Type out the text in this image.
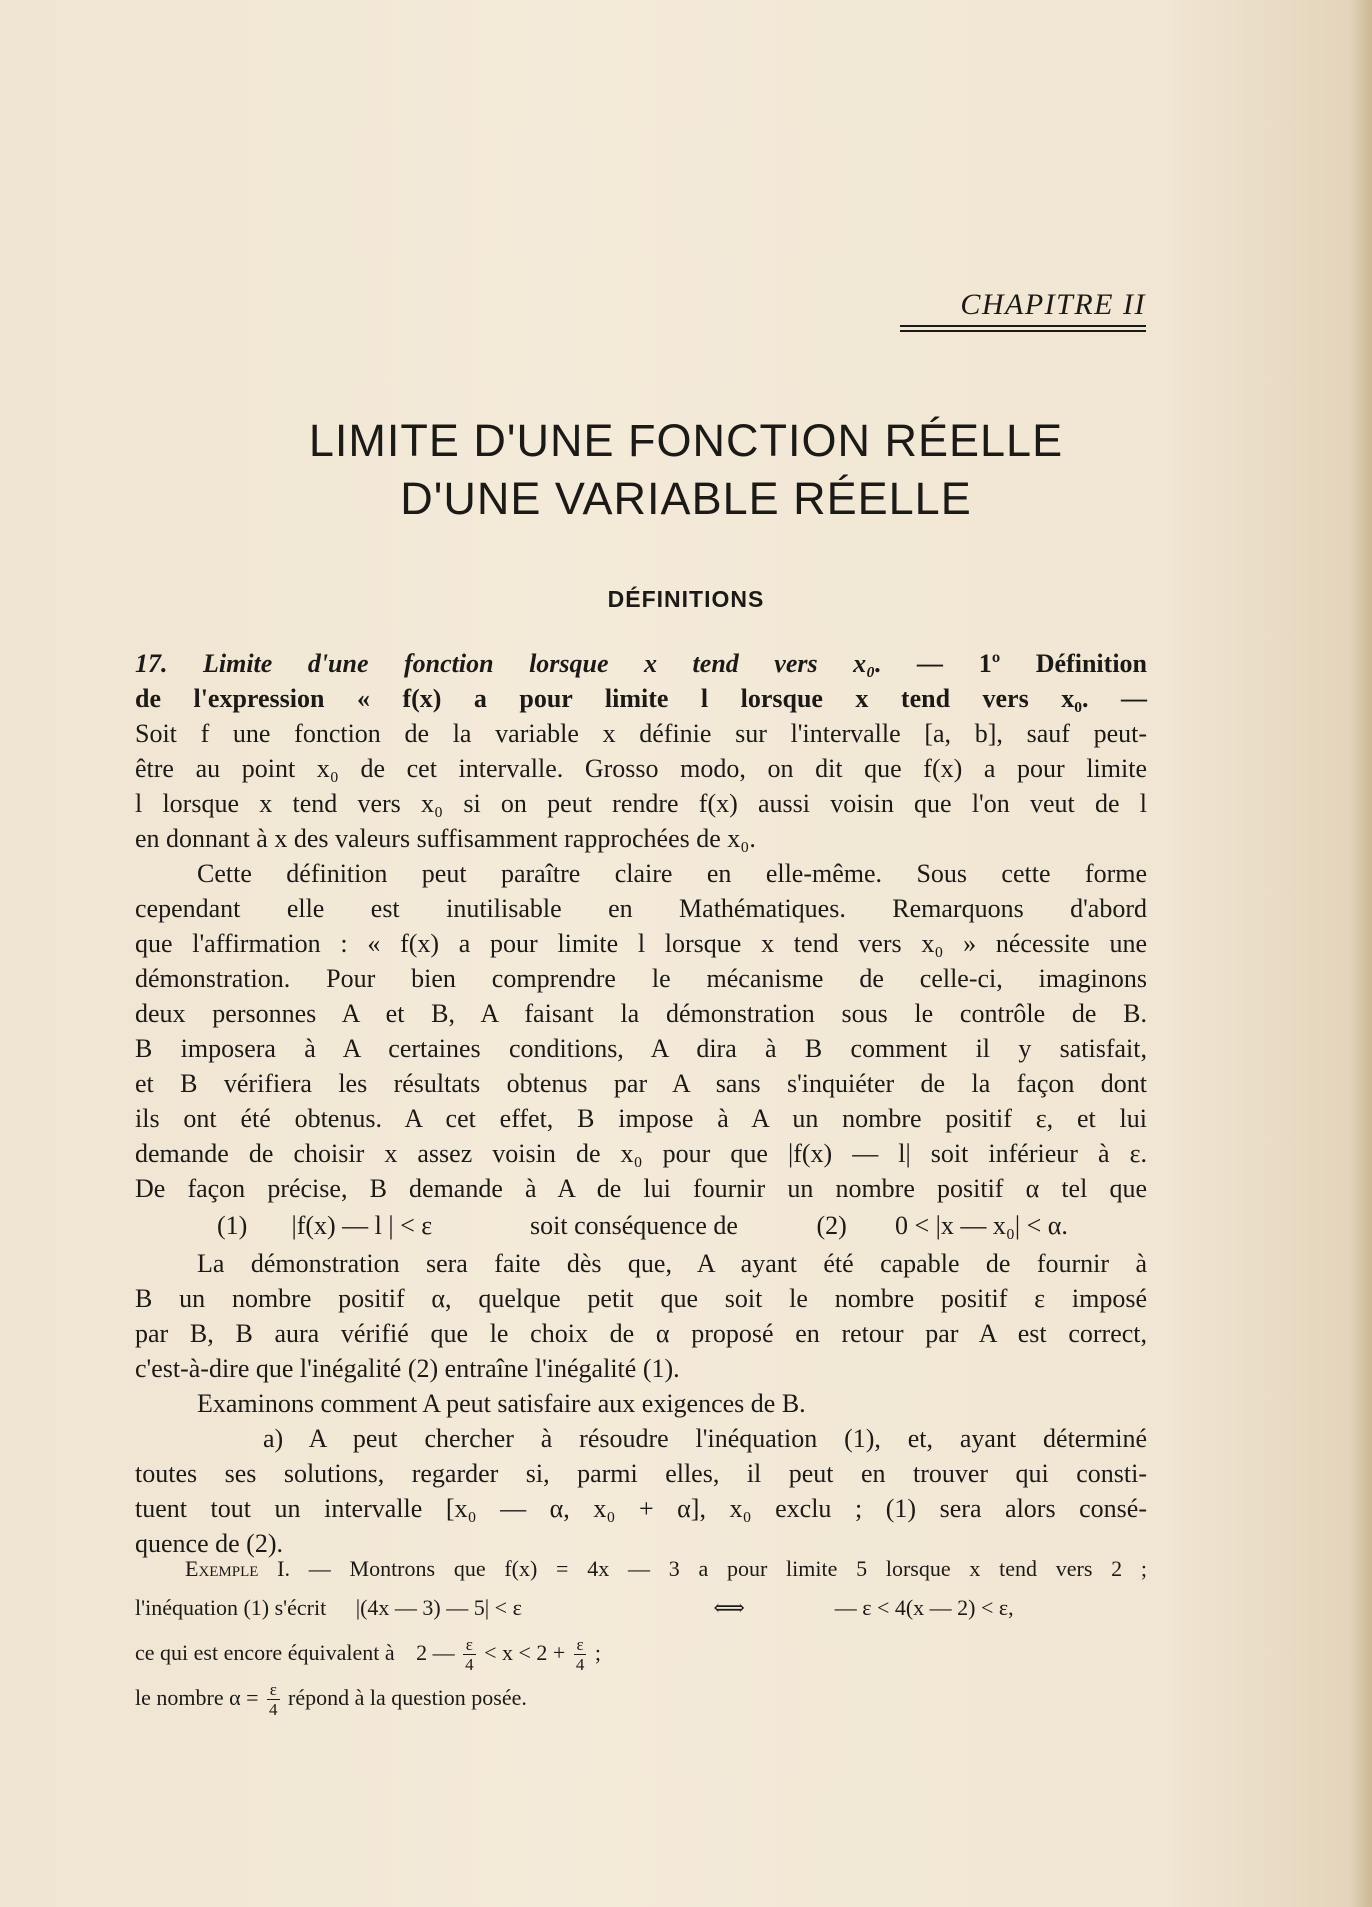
CHAPITRE II
LIMITE D'UNE FONCTION RÉELLE
D'UNE VARIABLE RÉELLE
DÉFINITIONS
17. Limite d'une fonction lorsque x tend vers x₀. — 1º Définition
de l'expression « f(x) a pour limite l lorsque x tend vers x₀. —
Soit f une fonction de la variable x définie sur l'intervalle [a, b], sauf peut-
être au point x₀ de cet intervalle. Grosso modo, on dit que f(x) a pour limite
l lorsque x tend vers x₀ si on peut rendre f(x) aussi voisin que l'on veut de l
en donnant à x des valeurs suffisamment rapprochées de x₀.
Cette définition peut paraître claire en elle-même. Sous cette forme
cependant elle est inutilisable en Mathématiques. Remarquons d'abord
que l'affirmation : « f(x) a pour limite l lorsque x tend vers x₀ » nécessite une
démonstration. Pour bien comprendre le mécanisme de celle-ci, imaginons
deux personnes A et B, A faisant la démonstration sous le contrôle de B.
B imposera à A certaines conditions, A dira à B comment il y satisfait,
et B vérifiera les résultats obtenus par A sans s'inquiéter de la façon dont
ils ont été obtenus. A cet effet, B impose à A un nombre positif ε, et lui
demande de choisir x assez voisin de x₀ pour que |f(x) — l| soit inférieur à ε.
De façon précise, B demande à A de lui fournir un nombre positif α tel que
(1) |f(x) — l | < ε	soit conséquence de	(2) 0 < |x — x₀| < α.
La démonstration sera faite dès que, A ayant été capable de fournir à
B un nombre positif α, quelque petit que soit le nombre positif ε imposé
par B, B aura vérifié que le choix de α proposé en retour par A est correct,
c'est-à-dire que l'inégalité (2) entraîne l'inégalité (1).
Examinons comment A peut satisfaire aux exigences de B.
a) A peut chercher à résoudre l'inéquation (1), et, ayant déterminé
toutes ses solutions, regarder si, parmi elles, il peut en trouver qui consti-
tuent tout un intervalle [x₀ — α, x₀ + α], x₀ exclu ; (1) sera alors consé-
quence de (2).
Exemple I. — Montrons que f(x) = 4x — 3 a pour limite 5 lorsque x tend vers 2 ;
l'inéquation (1) s'écrit |(4x — 3) — 5| < ε	⟺	— ε < 4(x — 2) < ε,
ce qui est encore équivalent à 2 — $\frac{\varepsilon}{4} < x < 2 + \frac{\varepsilon}{4}$ ;
le nombre $\alpha = \frac{\varepsilon}{4}$ répond à la question posée.
